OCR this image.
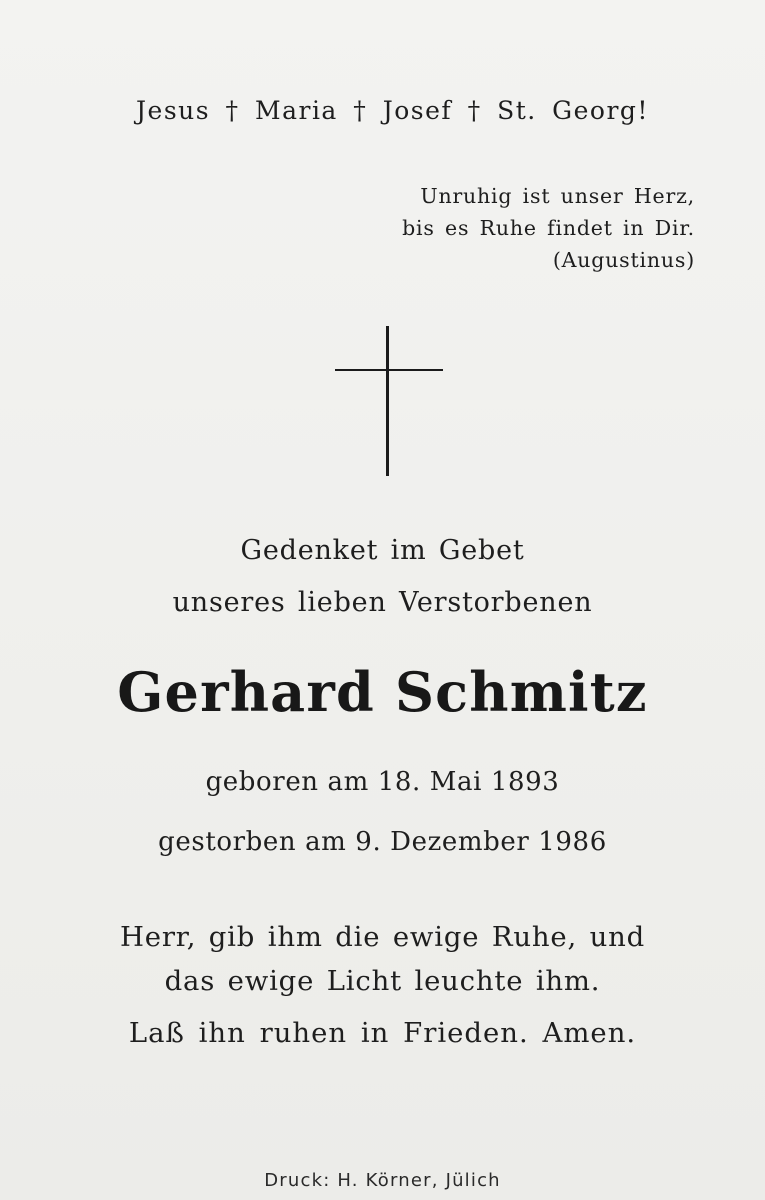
Jesus † Maria † Josef † St. Georg!
Unruhig ist unser Herz,
bis es Ruhe findet in Dir.
(Augustinus)
Gedenket im Gebet
unseres lieben Verstorbenen
Gerhard Schmitz
geboren am 18. Mai 1893
gestorben am 9. Dezember 1986
Herr, gib ihm die ewige Ruhe, und
das ewige Licht leuchte ihm.
Laß ihn ruhen in Frieden. Amen.
Druck: H. Körner, Jülich
